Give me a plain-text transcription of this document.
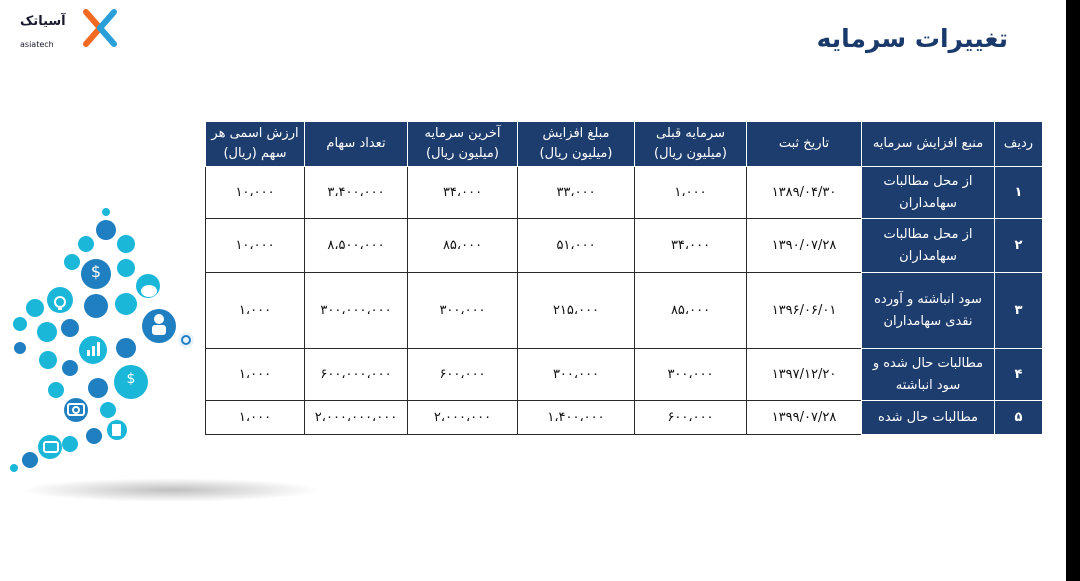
آسیاتک
asiatech	تغییرات سرمایه
$
$
ردیف	منبع افزایش سرمایه	تاریخ ثبت	سرمایه قبلی (میلیون ریال)	مبلغ افزایش (میلیون ریال)	آخرین سرمایه (میلیون ریال)	تعداد سهام	ارزش اسمی هر سهم (ریال)
۱	از محل مطالبات سهامداران	۱۳۸۹/۰۴/۳۰	۱،۰۰۰	۳۳،۰۰۰	۳۴،۰۰۰	۳،۴۰۰،۰۰۰	۱۰،۰۰۰
۲	از محل مطالبات سهامداران	۱۳۹۰/۰۷/۲۸	۳۴،۰۰۰	۵۱،۰۰۰	۸۵،۰۰۰	۸،۵۰۰،۰۰۰	۱۰،۰۰۰
۳	سود انباشته و آورده نقدی سهامداران	۱۳۹۶/۰۶/۰۱	۸۵،۰۰۰	۲۱۵،۰۰۰	۳۰۰،۰۰۰	۳۰۰،۰۰۰،۰۰۰	۱،۰۰۰
۴	مطالبات حال شده و سود انباشته	۱۳۹۷/۱۲/۲۰	۳۰۰،۰۰۰	۳۰۰،۰۰۰	۶۰۰،۰۰۰	۶۰۰،۰۰۰،۰۰۰	۱،۰۰۰
۵	مطالبات حال شده	۱۳۹۹/۰۷/۲۸	۶۰۰،۰۰۰	۱،۴۰۰،۰۰۰	۲،۰۰۰،۰۰۰	۲،۰۰۰،۰۰۰،۰۰۰	۱،۰۰۰
